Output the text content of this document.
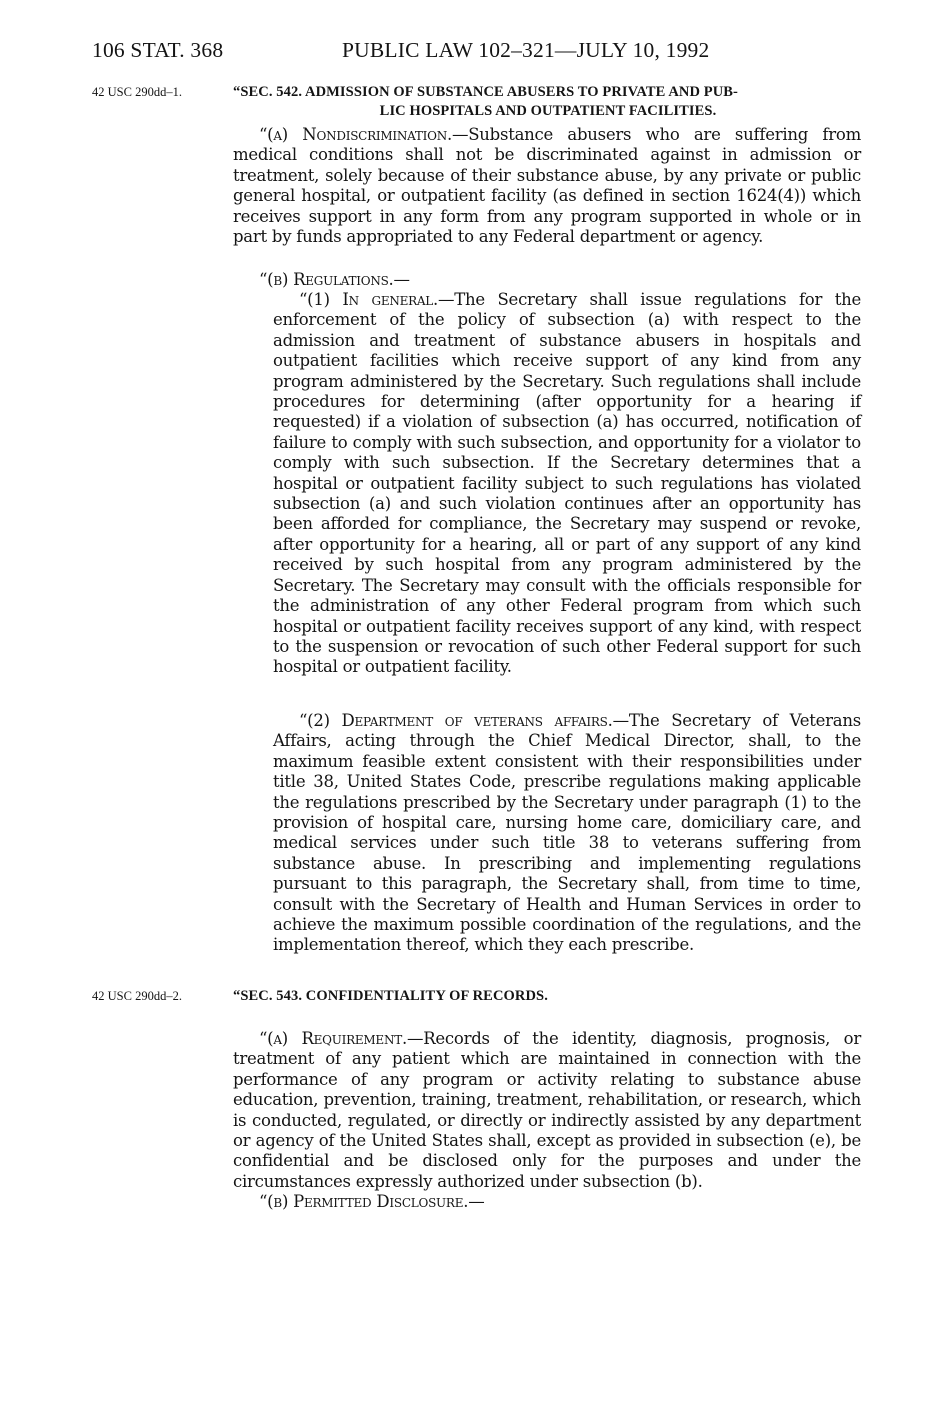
106 STAT. 368	PUBLIC LAW 102–321—JULY 10, 1992
42 USC 290dd–1.	“SEC. 542. ADMISSION OF SUBSTANCE ABUSERS TO PRIVATE AND PUB-
LIC HOSPITALS AND OUTPATIENT FACILITIES.

“(a) Nondiscrimination.—Substance abusers who are suffering from medical conditions shall not be discriminated against in admission or treatment, solely because of their substance abuse, by any private or public general hospital, or outpatient facility (as defined in section 1624(4)) which receives support in any form from any program supported in whole or in part by funds appropriated to any Federal department or agency.

“(b) Regulations.—

“(1) In general.—The Secretary shall issue regulations for the enforcement of the policy of subsection (a) with respect to the admission and treatment of substance abusers in hospitals and outpatient facilities which receive support of any kind from any program administered by the Secretary. Such regulations shall include procedures for determining (after opportunity for a hearing if requested) if a violation of subsection (a) has occurred, notification of failure to comply with such subsection, and opportunity for a violator to comply with such subsection. If the Secretary determines that a hospital or outpatient facility subject to such regulations has violated subsection (a) and such violation continues after an opportunity has been afforded for compliance, the Secretary may suspend or revoke, after opportunity for a hearing, all or part of any support of any kind received by such hospital from any program administered by the Secretary. The Secretary may consult with the officials responsible for the administration of any other Federal program from which such hospital or outpatient facility receives support of any kind, with respect to the suspension or revocation of such other Federal support for such hospital or outpatient facility.

“(2) Department of veterans affairs.—The Secretary of Veterans Affairs, acting through the Chief Medical Director, shall, to the maximum feasible extent consistent with their responsibilities under title 38, United States Code, prescribe regulations making applicable the regulations prescribed by the Secretary under paragraph (1) to the provision of hospital care, nursing home care, domiciliary care, and medical services under such title 38 to veterans suffering from substance abuse. In prescribing and implementing regulations pursuant to this paragraph, the Secretary shall, from time to time, consult with the Secretary of Health and Human Services in order to achieve the maximum possible coordination of the regulations, and the implementation thereof, which they each prescribe.

42 USC 290dd–2.	“SEC. 543. CONFIDENTIALITY OF RECORDS.

“(a) Requirement.—Records of the identity, diagnosis, prognosis, or treatment of any patient which are maintained in connection with the performance of any program or activity relating to substance abuse education, prevention, training, treatment, rehabilitation, or research, which is conducted, regulated, or directly or indirectly assisted by any department or agency of the United States shall, except as provided in subsection (e), be confidential and be disclosed only for the purposes and under the circumstances expressly authorized under subsection (b).

“(b) Permitted Disclosure.—
